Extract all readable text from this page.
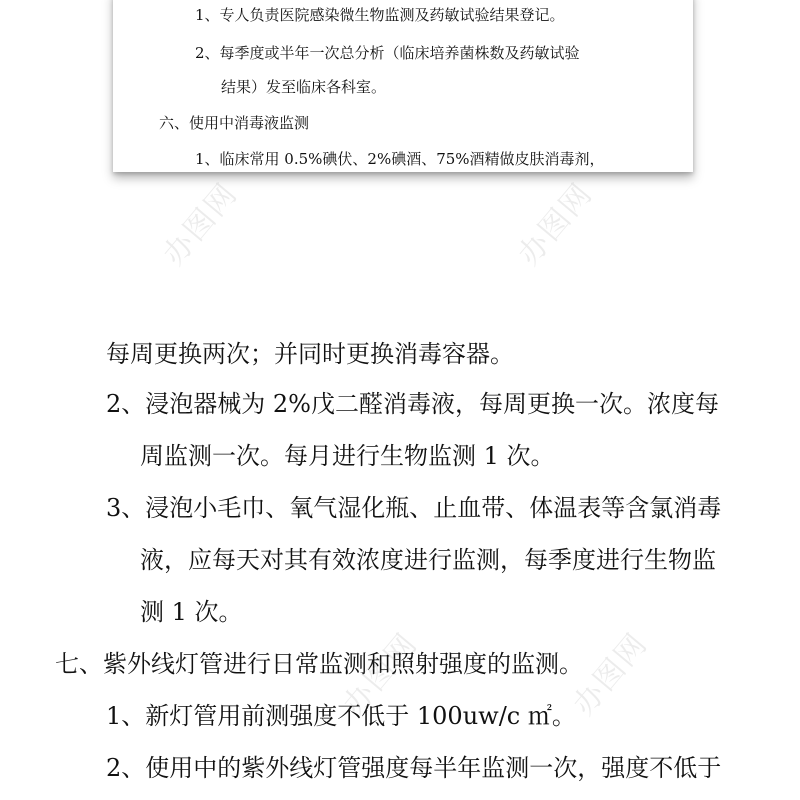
1、专人负责医院感染微生物监测及药敏试验结果登记。
2、每季度或半年一次总分析（临床培养菌株数及药敏试验
结果）发至临床各科室。
六、使用中消毒液监测
1、临床常用 0.5%碘伏、2%碘酒、75%酒精做皮肤消毒剂，
每周更换两次；并同时更换消毒容器。
2、浸泡器械为 2%戊二醛消毒液，每周更换一次。浓度每
周监测一次。每月进行生物监测 1 次。
3、浸泡小毛巾、氧气湿化瓶、止血带、体温表等含氯消毒
液，应每天对其有效浓度进行监测，每季度进行生物监
测 1 次。
七、紫外线灯管进行日常监测和照射强度的监测。
1、新灯管用前测强度不低于 100uw/c ㎡。
2、使用中的紫外线灯管强度每半年监测一次，强度不低于
办图网	办图网
办图网	办图网
